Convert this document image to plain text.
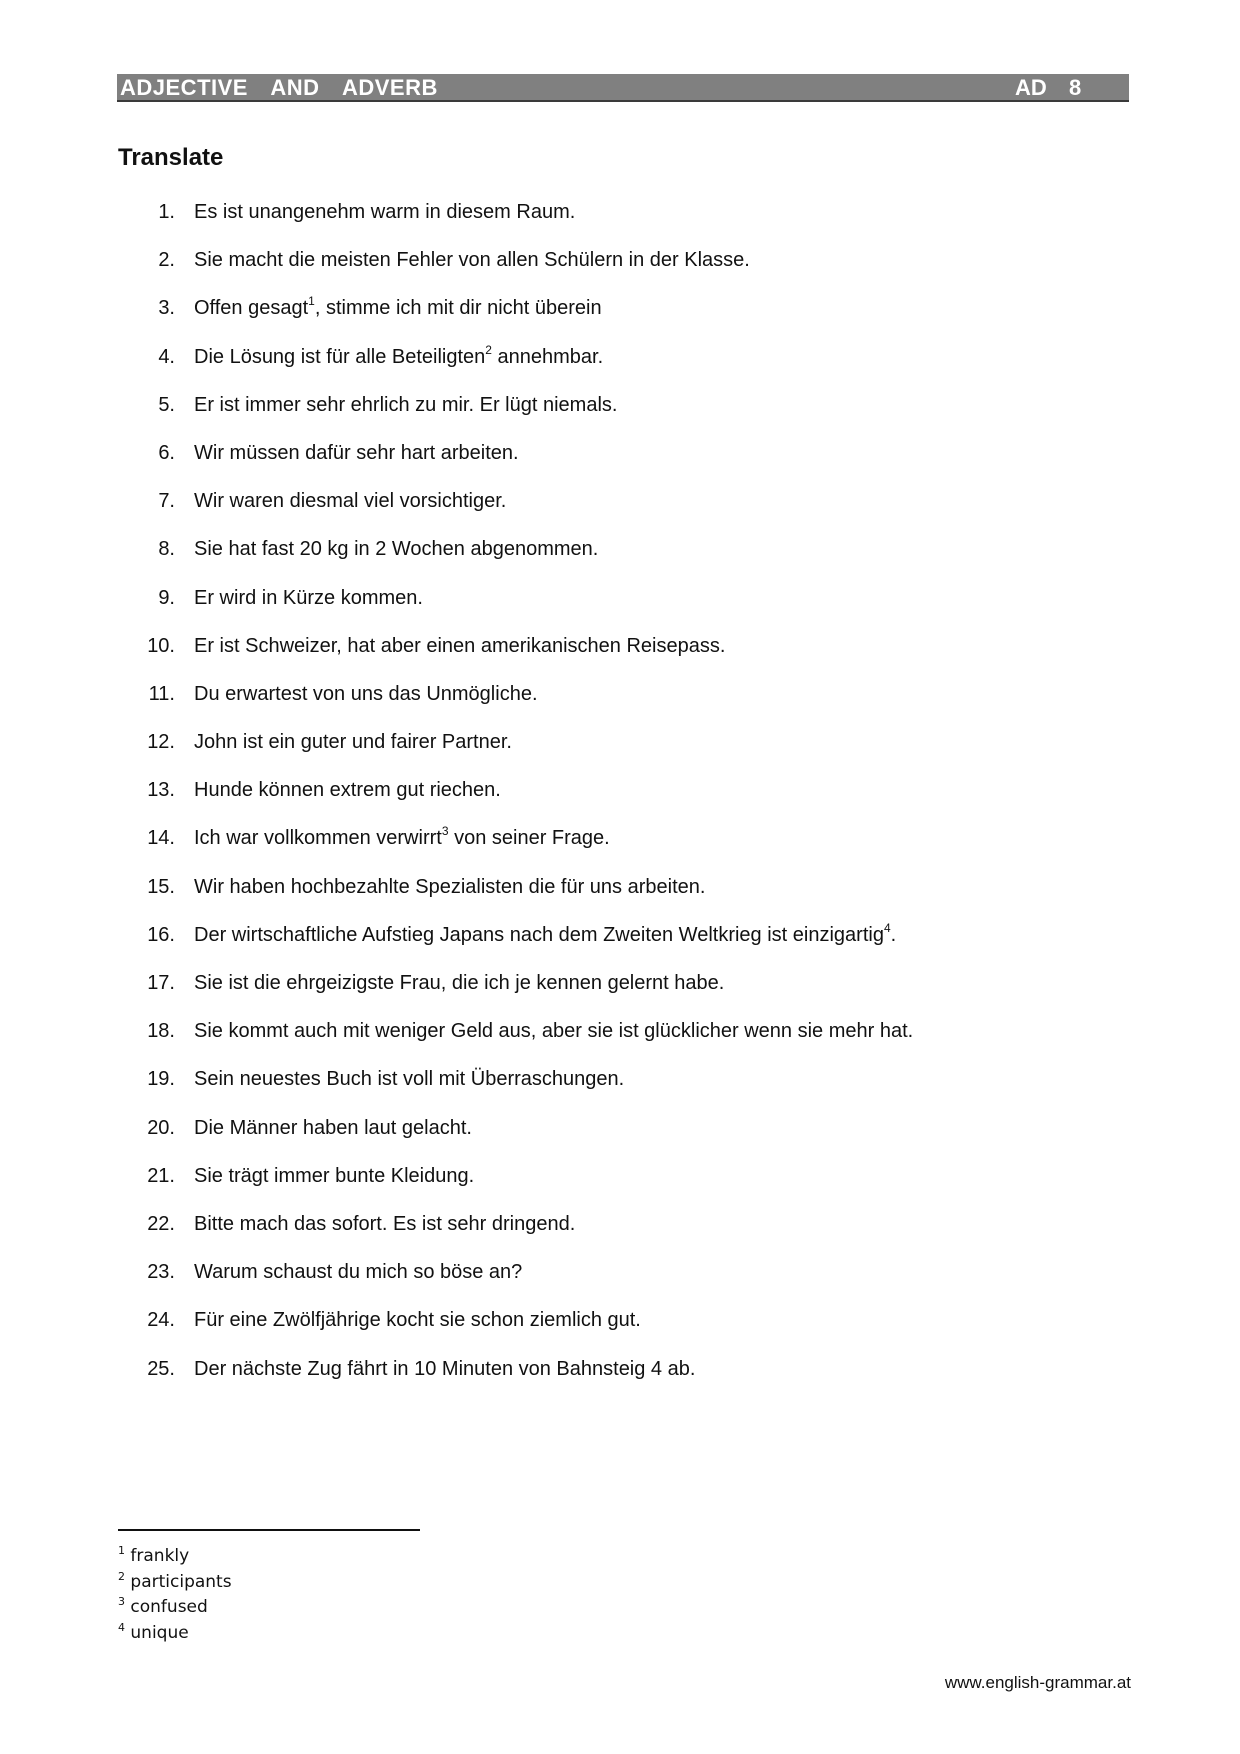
ADJECTIVE  AND  ADVERB	AD  8
Translate
1. Es ist unangenehm warm in diesem Raum.
2. Sie macht die meisten Fehler von allen Schülern in der Klasse.
3. Offen gesagt$^1$, stimme ich mit dir nicht überein
4. Die Lösung ist für alle Beteiligten$^2$ annehmbar.
5. Er ist immer sehr ehrlich zu mir. Er lügt niemals.
6. Wir müssen dafür sehr hart arbeiten.
7. Wir waren diesmal viel vorsichtiger.
8. Sie hat fast 20 kg in 2 Wochen abgenommen.
9. Er wird in Kürze kommen.
10. Er ist Schweizer, hat aber einen amerikanischen Reisepass.
11. Du erwartest von uns das Unmögliche.
12. John ist ein guter und fairer Partner.
13. Hunde können extrem gut riechen.
14. Ich war vollkommen verwirrt$^3$ von seiner Frage.
15. Wir haben hochbezahlte Spezialisten die für uns arbeiten.
16. Der wirtschaftliche Aufstieg Japans nach dem Zweiten Weltkrieg ist einzigartig$^4$.
17. Sie ist die ehrgeizigste Frau, die ich je kennen gelernt habe.
18. Sie kommt auch mit weniger Geld aus, aber sie ist glücklicher wenn sie mehr hat.
19. Sein neuestes Buch ist voll mit Überraschungen.
20. Die Männer haben laut gelacht.
21. Sie trägt immer bunte Kleidung.
22. Bitte mach das sofort. Es ist sehr dringend.
23. Warum schaust du mich so böse an?
24. Für eine Zwölfjährige kocht sie schon ziemlich gut.
25. Der nächste Zug fährt in 10 Minuten von Bahnsteig 4 ab.
$^1$ frankly
$^2$ participants
$^3$ confused
$^4$ unique
www.english-grammar.at
